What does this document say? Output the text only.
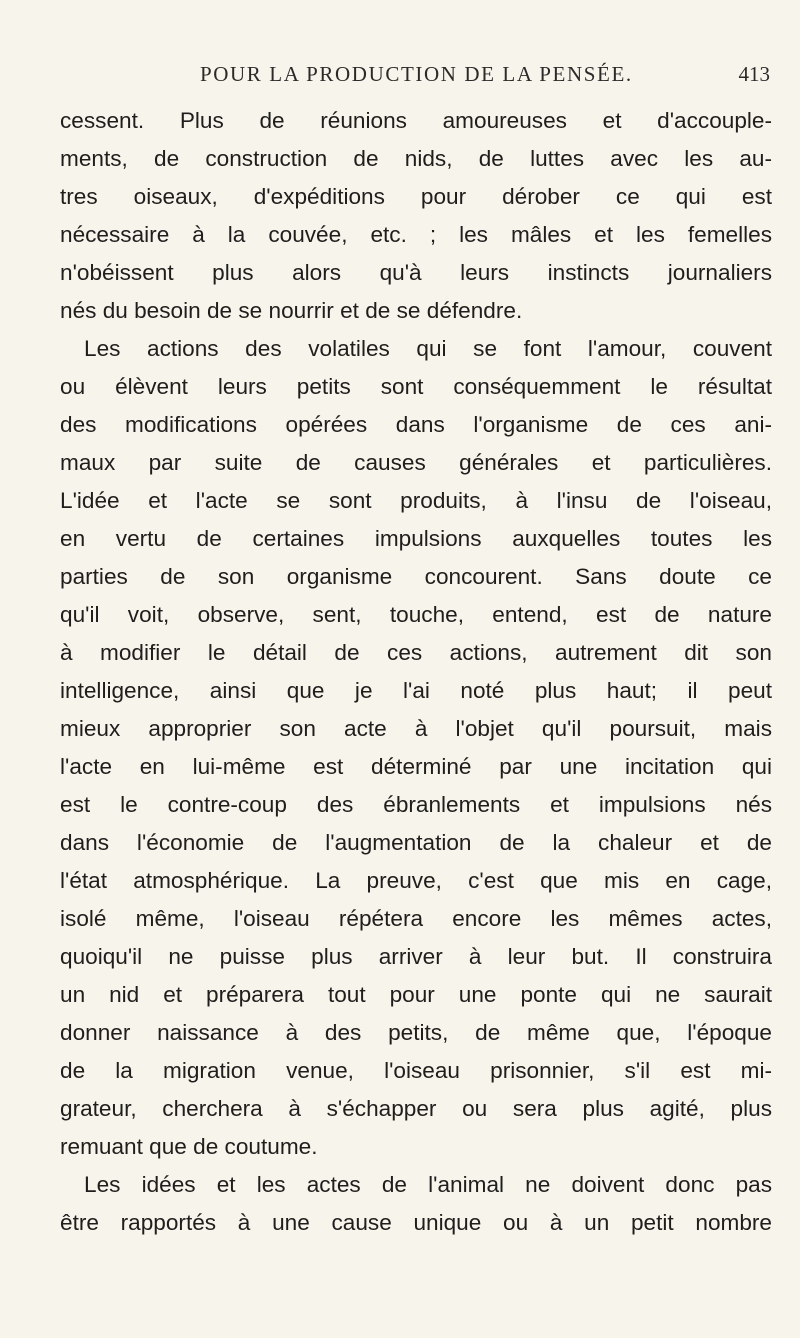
POUR LA PRODUCTION DE LA PENSÉE.	413
cessent. Plus de réunions amoureuses et d'accouple-
ments, de construction de nids, de luttes avec les au-
tres oiseaux, d'expéditions pour dérober ce qui est
nécessaire à la couvée, etc. ; les mâles et les femelles
n'obéissent plus alors qu'à leurs instincts journaliers
nés du besoin de se nourrir et de se défendre.
Les actions des volatiles qui se font l'amour, couvent
ou élèvent leurs petits sont conséquemment le résultat
des modifications opérées dans l'organisme de ces ani-
maux par suite de causes générales et particulières.
L'idée et l'acte se sont produits, à l'insu de l'oiseau,
en vertu de certaines impulsions auxquelles toutes les
parties de son organisme concourent. Sans doute ce
qu'il voit, observe, sent, touche, entend, est de nature
à modifier le détail de ces actions, autrement dit son
intelligence, ainsi que je l'ai noté plus haut; il peut
mieux approprier son acte à l'objet qu'il poursuit, mais
l'acte en lui-même est déterminé par une incitation qui
est le contre-coup des ébranlements et impulsions nés
dans l'économie de l'augmentation de la chaleur et de
l'état atmosphérique. La preuve, c'est que mis en cage,
isolé même, l'oiseau répétera encore les mêmes actes,
quoiqu'il ne puisse plus arriver à leur but. Il construira
un nid et préparera tout pour une ponte qui ne saurait
donner naissance à des petits, de même que, l'époque
de la migration venue, l'oiseau prisonnier, s'il est mi-
grateur, cherchera à s'échapper ou sera plus agité, plus
remuant que de coutume.
Les idées et les actes de l'animal ne doivent donc pas
être rapportés à une cause unique ou à un petit nombre
